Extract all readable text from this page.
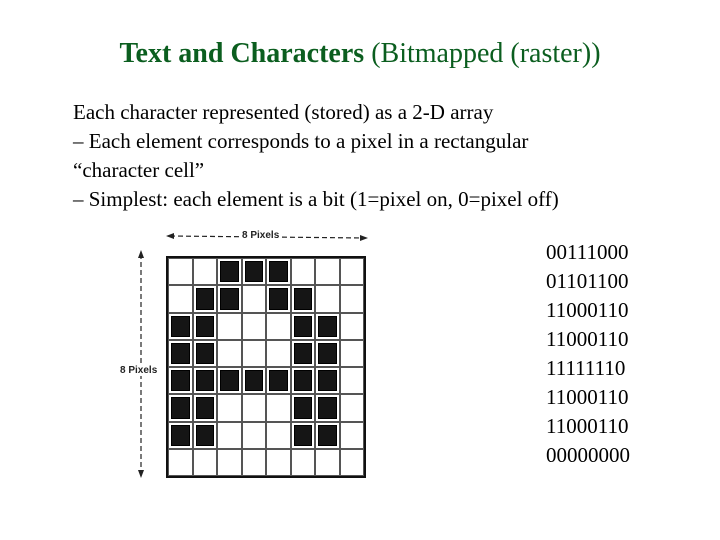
Text and Characters (Bitmapped (raster))
Each character represented (stored) as a 2-D array
– Each element corresponds to a pixel in a rectangular
“character cell”
– Simplest: each element is a bit (1=pixel on, 0=pixel off)
8 Pixels
8 Pixels
00111000
01101100
11000110
11000110
11111110
11000110
11000110
00000000
